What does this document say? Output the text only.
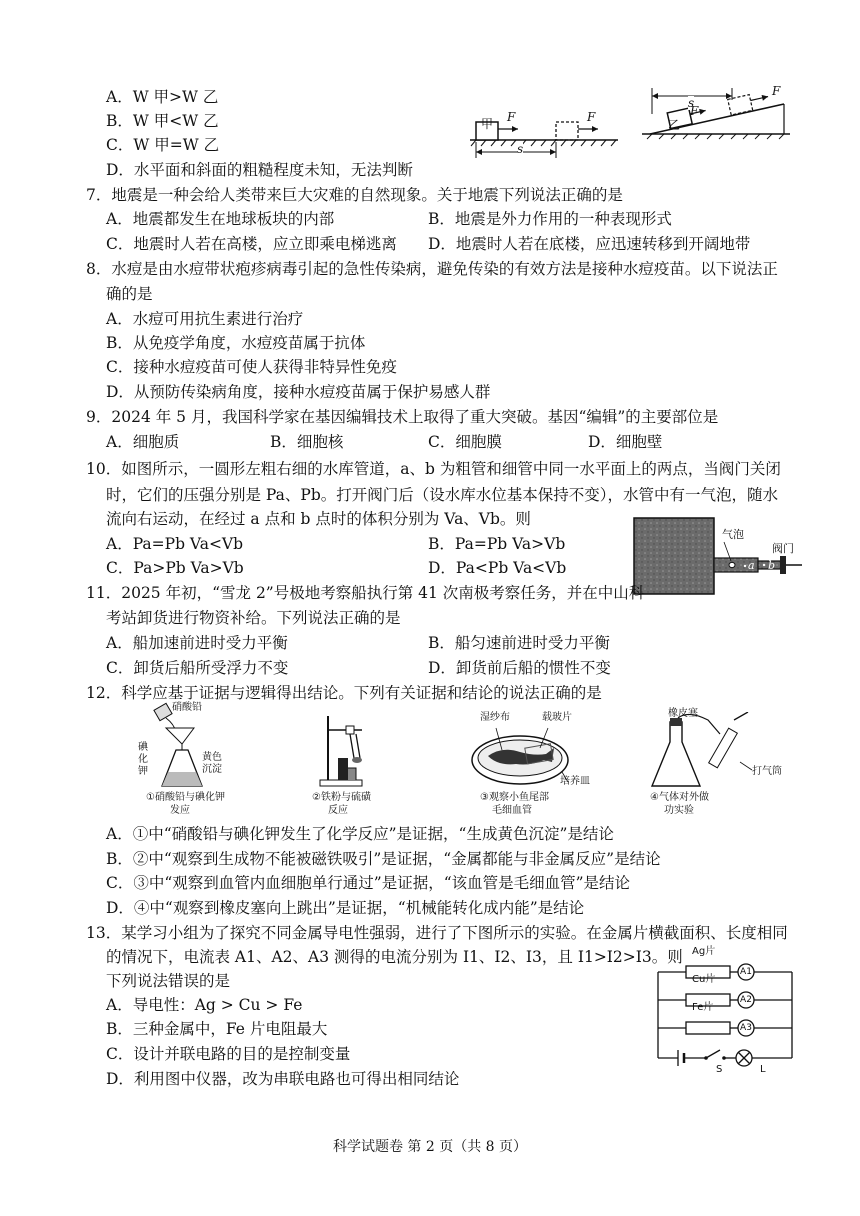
A．W 甲>W 乙
B．W 甲<W 乙
C．W 甲=W 乙
D．水平面和斜面的粗糙程度未知，无法判断
甲 F	F
s
s
乙
F
F
7．地震是一种会给人类带来巨大灾难的自然现象。关于地震下列说法正确的是
A．地震都发生在地球板块的内部	B．地震是外力作用的一种表现形式
C．地震时人若在高楼，应立即乘电梯逃离 D．地震时人若在底楼，应迅速转移到开阔地带
8．水痘是由水痘带状疱疹病毒引起的急性传染病，避免传染的有效方法是接种水痘疫苗。以下说法正
确的是
A．水痘可用抗生素进行治疗
B．从免疫学角度，水痘疫苗属于抗体
C．接种水痘疫苗可使人获得非特异性免疫
D．从预防传染病角度，接种水痘疫苗属于保护易感人群
9．2024 年 5 月，我国科学家在基因编辑技术上取得了重大突破。基因“编辑”的主要部位是
A．细胞质	B．细胞核	C．细胞膜	D．细胞壁
10．如图所示，一圆形左粗右细的水库管道，a、b 为粗管和细管中同一水平面上的两点，当阀门关闭
时，它们的压强分别是 Pa、Pb。打开阀门后（设水库水位基本保持不变），水管中有一气泡，随水
流向右运动，在经过 a 点和 b 点时的体积分别为 Va、Vb。则
A．Pa=Pb Va<Vb	B．Pa=Pb Va>Vb
C．Pa>Pb Va>Vb	D．Pa<Pb Va<Vb
气泡
阀门
a b
11．2025 年初，“雪龙 2”号极地考察船执行第 41 次南极考察任务，并在中山科
考站卸货进行物资补给。下列说法正确的是
A．船加速前进时受力平衡	B．船匀速前进时受力平衡
C．卸货后船所受浮力不变	D．卸货前后船的惯性不变
12．科学应基于证据与逻辑得出结论。下列有关证据和结论的说法正确的是
硝酸铅
碘化钾
黄色沉淀
①硝酸铅与碘化钾
发应
②铁粉与硫磺
反应
湿纱布	载玻片
培养皿
③观察小鱼尾部
毛细血管
橡皮塞
打气筒
④气体对外做
功实验
A．①中“硝酸铅与碘化钾发生了化学反应”是证据，“生成黄色沉淀”是结论
B．②中“观察到生成物不能被磁铁吸引”是证据，“金属都能与非金属反应”是结论
C．③中“观察到血管内血细胞单行通过”是证据，“该血管是毛细血管”是结论
D．④中“观察到橡皮塞向上跳出”是证据，“机械能转化成内能”是结论
13．某学习小组为了探究不同金属导电性强弱，进行了下图所示的实验。在金属片横截面积、长度相同
的情况下，电流表 A1、A2、A3 测得的电流分别为 I1、I2、I3，且 I1>I2>I3。则
下列说法错误的是
A．导电性：Ag > Cu > Fe
B．三种金属中，Fe 片电阻最大
C．设计并联电路的目的是控制变量
D．利用图中仪器，改为串联电路也可得出相同结论
Ag片
Cu片
Fe片
A1
A2
A3
S	L
科学试题卷 第 2 页（共 8 页）
